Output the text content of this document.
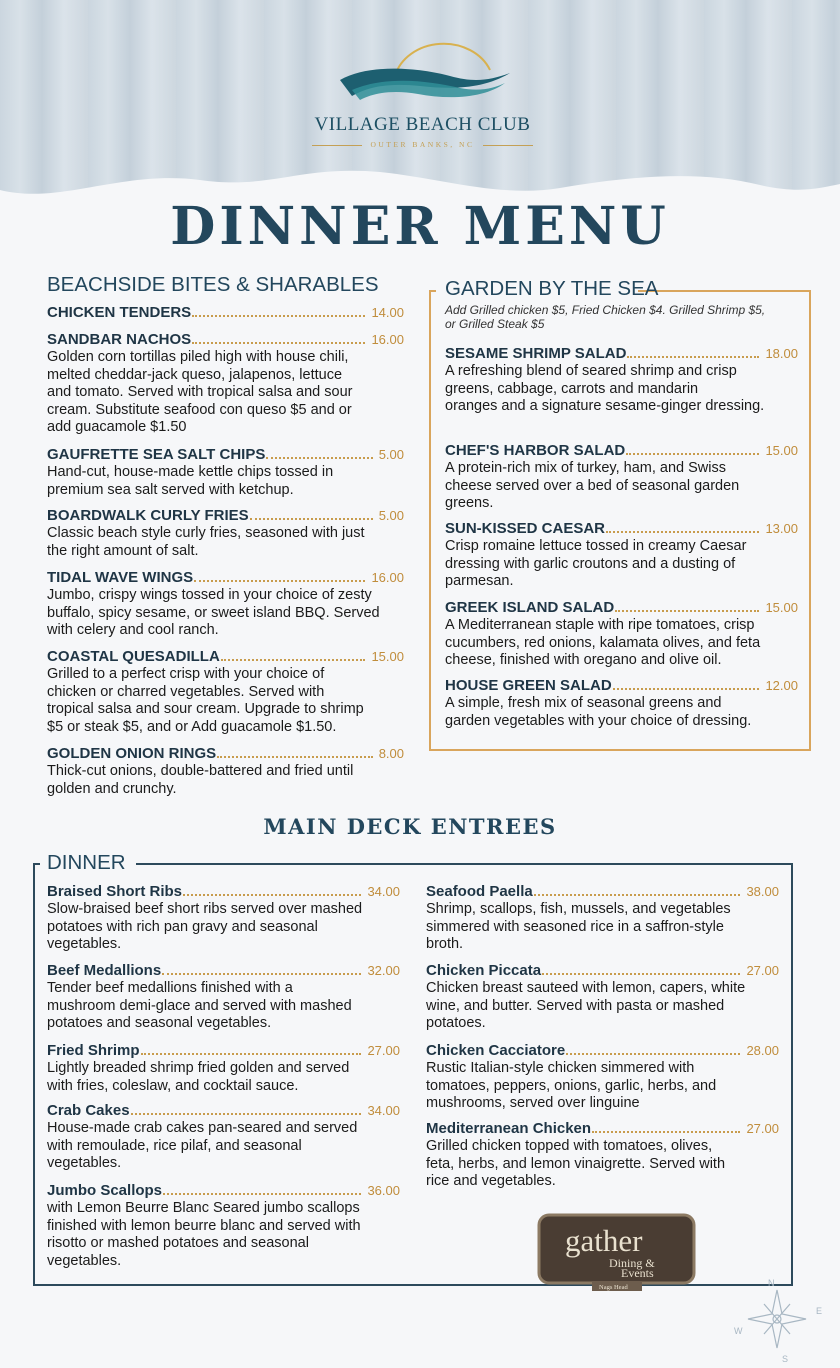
VILLAGE BEACH CLUB
OUTER BANKS, NC
DINNER MENU
BEACHSIDE BITES & SHARABLES
CHICKEN TENDERS	14.00
SANDBAR NACHOS	16.00
Golden corn tortillas piled high with house chili,
melted cheddar-jack queso, jalapenos, lettuce
and tomato. Served with tropical salsa and sour
cream. Substitute seafood con queso $5 and or
add guacamole $1.50
GAUFRETTE SEA SALT CHIPS	5.00
Hand-cut, house-made kettle chips tossed in
premium sea salt served with ketchup.
BOARDWALK CURLY FRIES	5.00
Classic beach style curly fries, seasoned with just
the right amount of salt.
TIDAL WAVE WINGS	16.00
Jumbo, crispy wings tossed in your choice of zesty
buffalo, spicy sesame, or sweet island BBQ. Served
with celery and cool ranch.
COASTAL QUESADILLA	15.00
Grilled to a perfect crisp with your choice of
chicken or charred vegetables. Served with
tropical salsa and sour cream. Upgrade to shrimp
$5 or steak $5, and or Add guacamole $1.50.
GOLDEN ONION RINGS	8.00
Thick-cut onions, double-battered and fried until
golden and crunchy.
GARDEN BY THE SEA
Add Grilled chicken $5, Fried Chicken $4. Grilled Shrimp $5,
or Grilled Steak $5
SESAME SHRIMP SALAD	18.00
A refreshing blend of seared shrimp and crisp
greens, cabbage, carrots and mandarin
oranges and a signature sesame-ginger dressing.
CHEF'S HARBOR SALAD	15.00
A protein-rich mix of turkey, ham, and Swiss
cheese served over a bed of seasonal garden
greens.
SUN-KISSED CAESAR	13.00
Crisp romaine lettuce tossed in creamy Caesar
dressing with garlic croutons and a dusting of
parmesan.
GREEK ISLAND SALAD	15.00
A Mediterranean staple with ripe tomatoes, crisp
cucumbers, red onions, kalamata olives, and feta
cheese, finished with oregano and olive oil.
HOUSE GREEN SALAD	12.00
A simple, fresh mix of seasonal greens and
garden vegetables with your choice of dressing.
MAIN DECK ENTREES
DINNER
Braised Short Ribs	34.00
Slow-braised beef short ribs served over mashed
potatoes with rich pan gravy and seasonal
vegetables.
Beef Medallions	32.00
Tender beef medallions finished with a
mushroom demi-glace and served with mashed
potatoes and seasonal vegetables.
Fried Shrimp	27.00
Lightly breaded shrimp fried golden and served
with fries, coleslaw, and cocktail sauce.
Crab Cakes	34.00
House-made crab cakes pan-seared and served
with remoulade, rice pilaf, and seasonal
vegetables.
Jumbo Scallops	36.00
with Lemon Beurre Blanc Seared jumbo scallops
finished with lemon beurre blanc and served with
risotto or mashed potatoes and seasonal
vegetables.
Seafood Paella	38.00
Shrimp, scallops, fish, mussels, and vegetables
simmered with seasoned rice in a saffron-style
broth.
Chicken Piccata	27.00
Chicken breast sauteed with lemon, capers, white
wine, and butter. Served with pasta or mashed
potatoes.
Chicken Cacciatore	28.00
Rustic Italian-style chicken simmered with
tomatoes, peppers, onions, garlic, herbs, and
mushrooms, served over linguine
Mediterranean Chicken	27.00
Grilled chicken topped with tomatoes, olives,
feta, herbs, and lemon vinaigrette. Served with
rice and vegetables.
gather
Dining &
Events
Nags Head	N
E
S
W
